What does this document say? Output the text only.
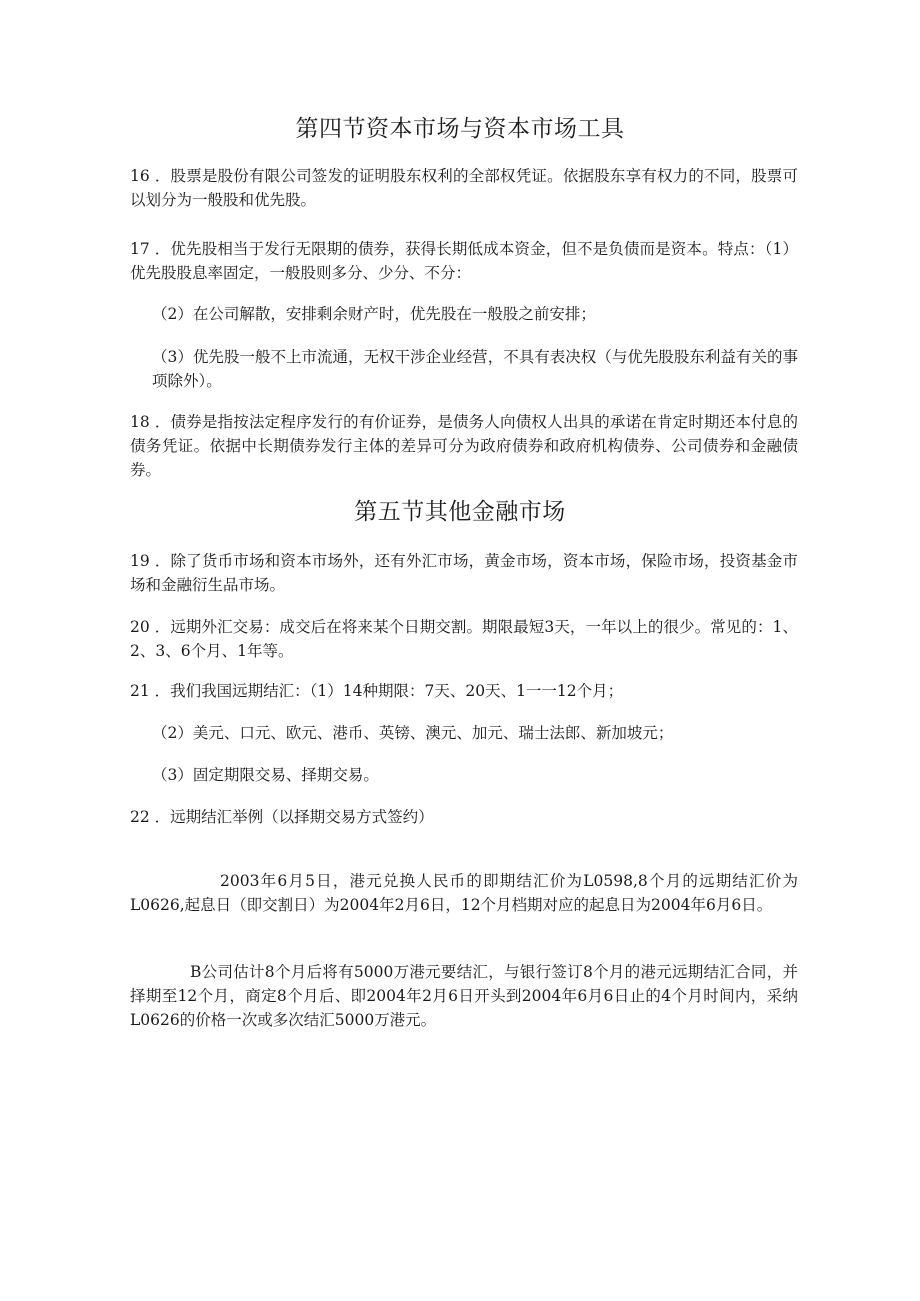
第四节资本市场与资本市场工具

16 ．股票是股份有限公司签发的证明股东权利的全部权凭证。依据股东享有权力的不同，股票可以划分为一般股和优先股。

17 ．优先股相当于发行无限期的债券，获得长期低成本资金，但不是负债而是资本。特点：（1）优先股股息率固定，一般股则多分、少分、不分：

（2）在公司解散，安排剩余财产时，优先股在一般股之前安排；

（3）优先股一般不上市流通，无权干涉企业经营，不具有表决权（与优先股股东利益有关的事项除外）。

18 ．债券是指按法定程序发行的有价证券，是债务人向债权人出具的承诺在肯定时期还本付息的债务凭证。依据中长期债券发行主体的差异可分为政府债券和政府机构债券、公司债券和金融债券。

第五节其他金融市场

19 ．除了货币市场和资本市场外，还有外汇市场，黄金市场，资本市场，保险市场，投资基金市场和金融衍生品市场。

20 ．远期外汇交易：成交后在将来某个日期交割。期限最短3天，一年以上的很少。常见的：1、2、3、6个月、1年等。

21 ．我们我国远期结汇：（1）14种期限：7天、20天、1一一12个月；

（2）美元、口元、欧元、港币、英镑、澳元、加元、瑞士法郎、新加坡元；

（3）固定期限交易、择期交易。

22 ．远期结汇举例（以择期交易方式签约）

2003年6月5日，港元兑换人民币的即期结汇价为L0598,8个月的远期结汇价为L0626,起息日（即交割日）为2004年2月6日，12个月档期对应的起息日为2004年6月6日。

B公司估计8个月后将有5000万港元要结汇，与银行签订8个月的港元远期结汇合同，并择期至12个月，商定8个月后、即2004年2月6日开头到2004年6月6日止的4个月时间内，采纳L0626的价格一次或多次结汇5000万港元。
